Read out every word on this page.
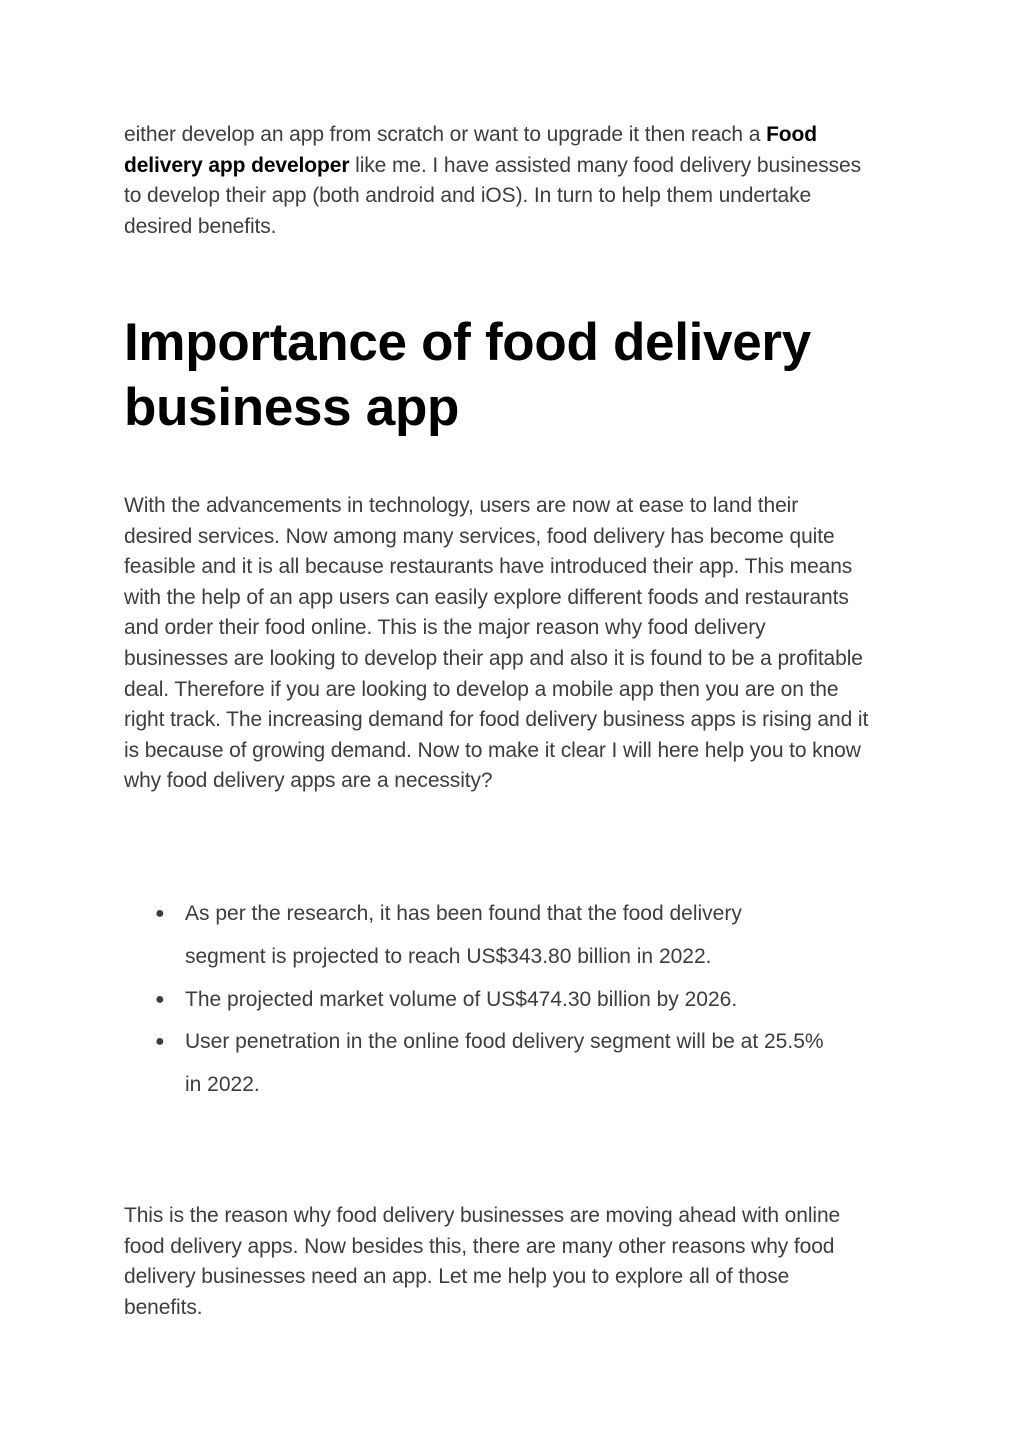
either develop an app from scratch or want to upgrade it then reach a Food delivery app developer like me. I have assisted many food delivery businesses to develop their app (both android and iOS). In turn to help them undertake desired benefits.

Importance of food delivery business app

With the advancements in technology, users are now at ease to land their desired services. Now among many services, food delivery has become quite feasible and it is all because restaurants have introduced their app. This means with the help of an app users can easily explore different foods and restaurants and order their food online. This is the major reason why food delivery businesses are looking to develop their app and also it is found to be a profitable deal. Therefore if you are looking to develop a mobile app then you are on the right track. The increasing demand for food delivery business apps is rising and it is because of growing demand. Now to make it clear I will here help you to know why food delivery apps are a necessity?

● As per the research, it has been found that the food delivery segment is projected to reach US$343.80 billion in 2022.
● The projected market volume of US$474.30 billion by 2026.
● User penetration in the online food delivery segment will be at 25.5% in 2022.

This is the reason why food delivery businesses are moving ahead with online food delivery apps. Now besides this, there are many other reasons why food delivery businesses need an app. Let me help you to explore all of those benefits.
